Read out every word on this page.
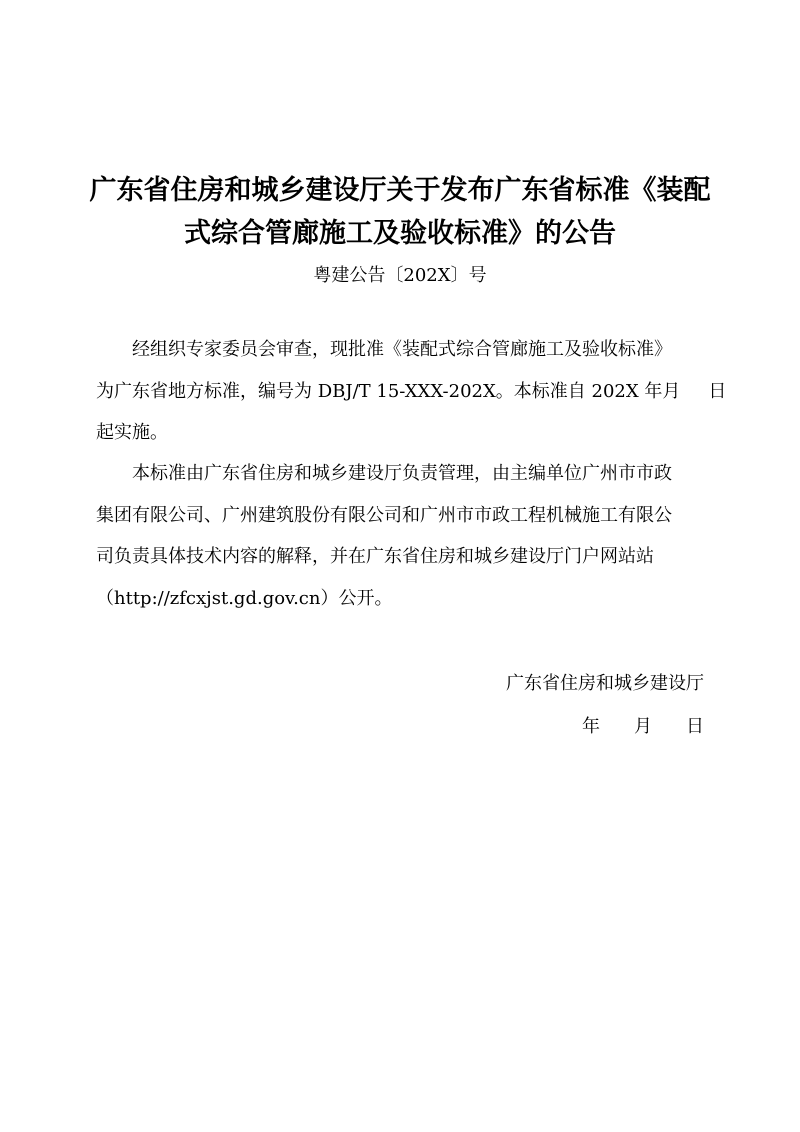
广东省住房和城乡建设厅关于发布广东省标准《装配
式综合管廊施工及验收标准》的公告
粤建公告〔202X〕号
经组织专家委员会审查，现批准《装配式综合管廊施工及验收标准》
为广东省地方标准，编号为 DBJ/T 15-XXX-202X。本标准自 202X 年 月 日
起实施。
本标准由广东省住房和城乡建设厅负责管理，由主编单位广州市市政
集团有限公司、广州建筑股份有限公司和广州市市政工程机械施工有限公
司负责具体技术内容的解释，并在广东省住房和城乡建设厅门户网站站
（http://zfcxjst.gd.gov.cn）公开。
广东省住房和城乡建设厅
年 月 日
